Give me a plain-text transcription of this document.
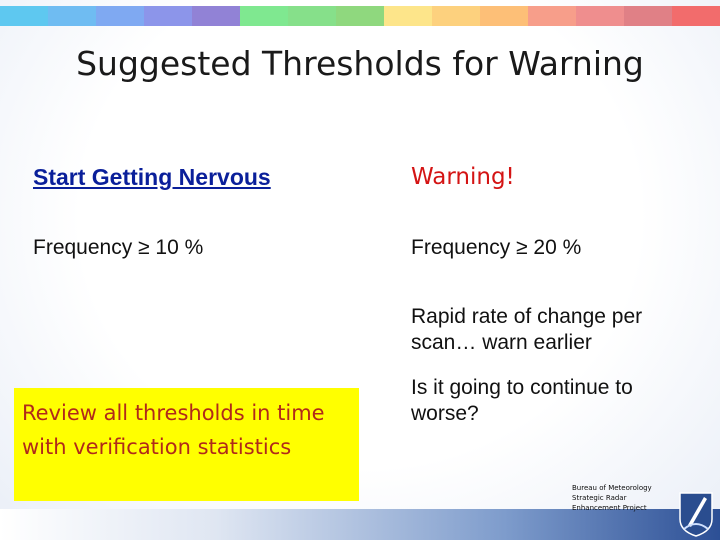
Suggested Thresholds for Warning
Start Getting Nervous	Warning!
Frequency ≥ 10 %	Frequency ≥ 20 %
Rapid rate of change per scan… warn earlier
Is it going to continue to worse?
Review all thresholds in time with verification statistics
Bureau of Meteorology
Strategic Radar
Enhancement Project
